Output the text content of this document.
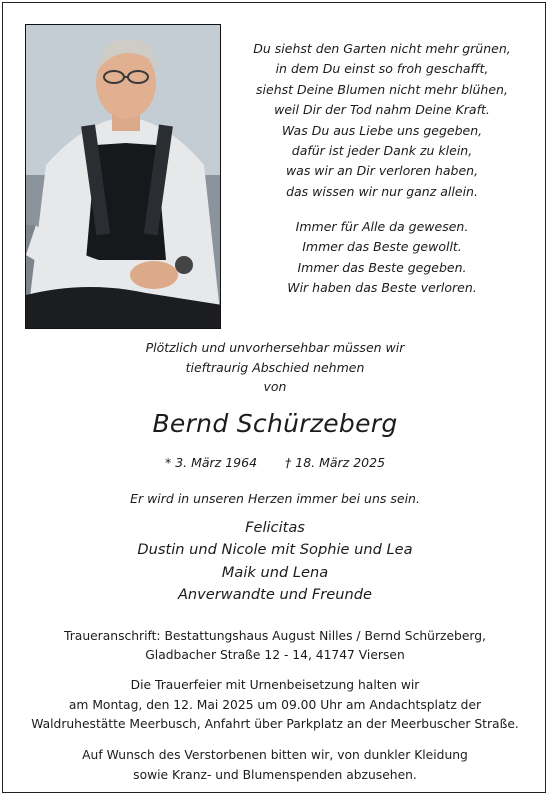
Du siehst den Garten nicht mehr grünen,
in dem Du einst so froh geschafft,
siehst Deine Blumen nicht mehr blühen,
weil Dir der Tod nahm Deine Kraft.
Was Du aus Liebe uns gegeben,
dafür ist jeder Dank zu klein,
was wir an Dir verloren haben,
das wissen wir nur ganz allein.
Immer für Alle da gewesen.
Immer das Beste gewollt.
Immer das Beste gegeben.
Wir haben das Beste verloren.
Plötzlich und unvorhersehbar müssen wir
tieftraurig Abschied nehmen
von
Bernd Schürzeberg
* 3. März 1964 † 18. März 2025
Er wird in unseren Herzen immer bei uns sein.
Felicitas
Dustin und Nicole mit Sophie und Lea
Maik und Lena
Anverwandte und Freunde
Traueranschrift: Bestattungshaus August Nilles / Bernd Schürzeberg,
Gladbacher Straße 12 - 14, 41747 Viersen
Die Trauerfeier mit Urnenbeisetzung halten wir
am Montag, den 12. Mai 2025 um 09.00 Uhr am Andachtsplatz der
Waldruhestätte Meerbusch, Anfahrt über Parkplatz an der Meerbuscher Straße.
Auf Wunsch des Verstorbenen bitten wir, von dunkler Kleidung
sowie Kranz- und Blumenspenden abzusehen.
